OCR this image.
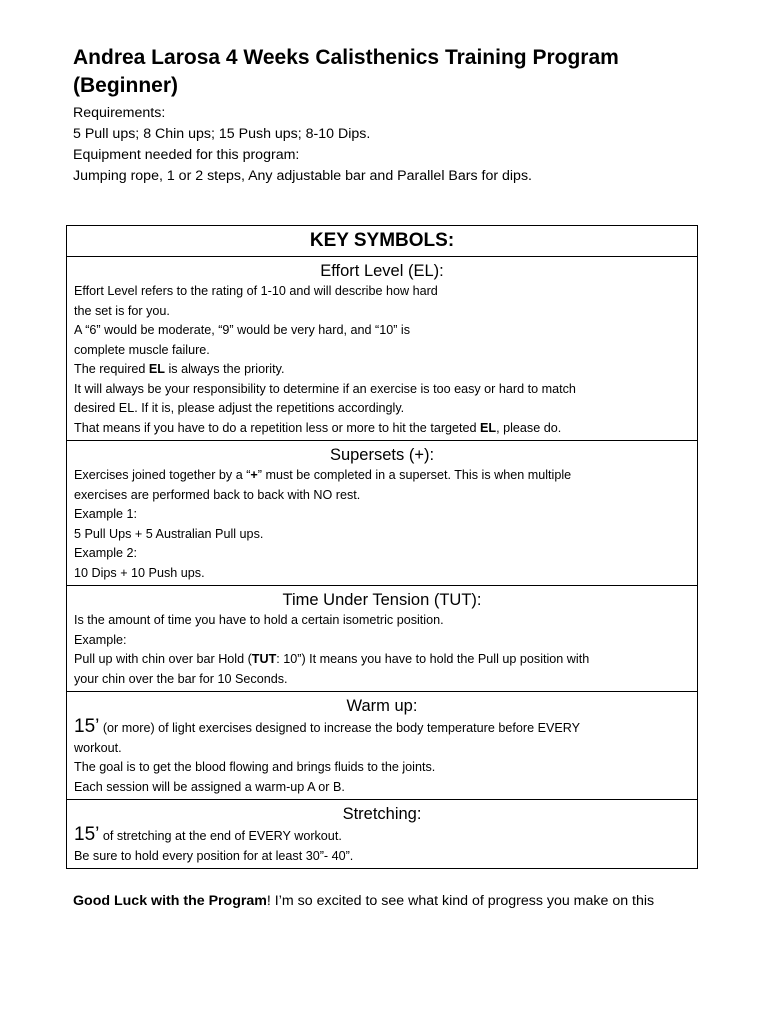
Andrea Larosa 4 Weeks Calisthenics Training Program
(Beginner)
Requirements:
5 Pull ups; 8 Chin ups; 15 Push ups; 8-10 Dips.
Equipment needed for this program:
Jumping rope, 1 or 2 steps, Any adjustable bar and Parallel Bars for dips.
KEY SYMBOLS:
Effort Level (EL):
Effort Level refers to the rating of 1-10 and will describe how hard
the set is for you.
A “6” would be moderate, “9” would be very hard, and “10” is
complete muscle failure.
The required EL is always the priority.
It will always be your responsibility to determine if an exercise is too easy or hard to match
desired EL. If it is, please adjust the repetitions accordingly.
That means if you have to do a repetition less or more to hit the targeted EL, please do.
Supersets (+):
Exercises joined together by a “+” must be completed in a superset. This is when multiple
exercises are performed back to back with NO rest.
Example 1:
5 Pull Ups + 5 Australian Pull ups.
Example 2:
10 Dips + 10 Push ups.
Time Under Tension (TUT):
Is the amount of time you have to hold a certain isometric position.
Example:
Pull up with chin over bar Hold (TUT: 10”) It means you have to hold the Pull up position with
your chin over the bar for 10 Seconds.
Warm up:
15’ (or more) of light exercises designed to increase the body temperature before EVERY
workout.
The goal is to get the blood flowing and brings fluids to the joints.
Each session will be assigned a warm-up A or B.
Stretching:
15’ of stretching at the end of EVERY workout.
Be sure to hold every position for at least 30”- 40”.
Good Luck with the Program! I’m so excited to see what kind of progress you make on this
